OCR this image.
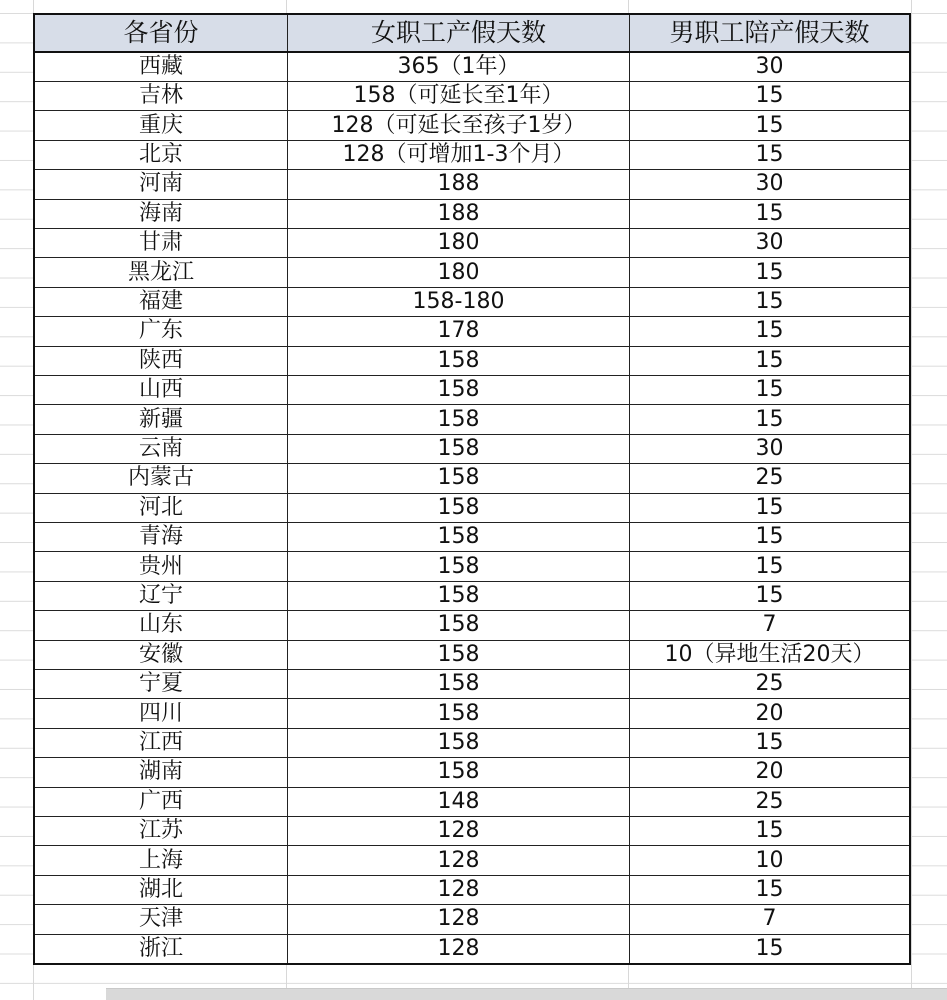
各省份	女职工产假天数	男职工陪产假天数
西藏	365（1年）	30
吉林	158（可延长至1年）	15
重庆	128（可延长至孩子1岁）	15
北京	128（可增加1-3个月）	15
河南	188	30
海南	188	15
甘肃	180	30
黑龙江	180	15
福建	158-180	15
广东	178	15
陕西	158	15
山西	158	15
新疆	158	15
云南	158	30
内蒙古	158	25
河北	158	15
青海	158	15
贵州	158	15
辽宁	158	15
山东	158	7
安徽	158	10（异地生活20天）
宁夏	158	25
四川	158	20
江西	158	15
湖南	158	20
广西	148	25
江苏	128	15
上海	128	10
湖北	128	15
天津	128	7
浙江	128	15
